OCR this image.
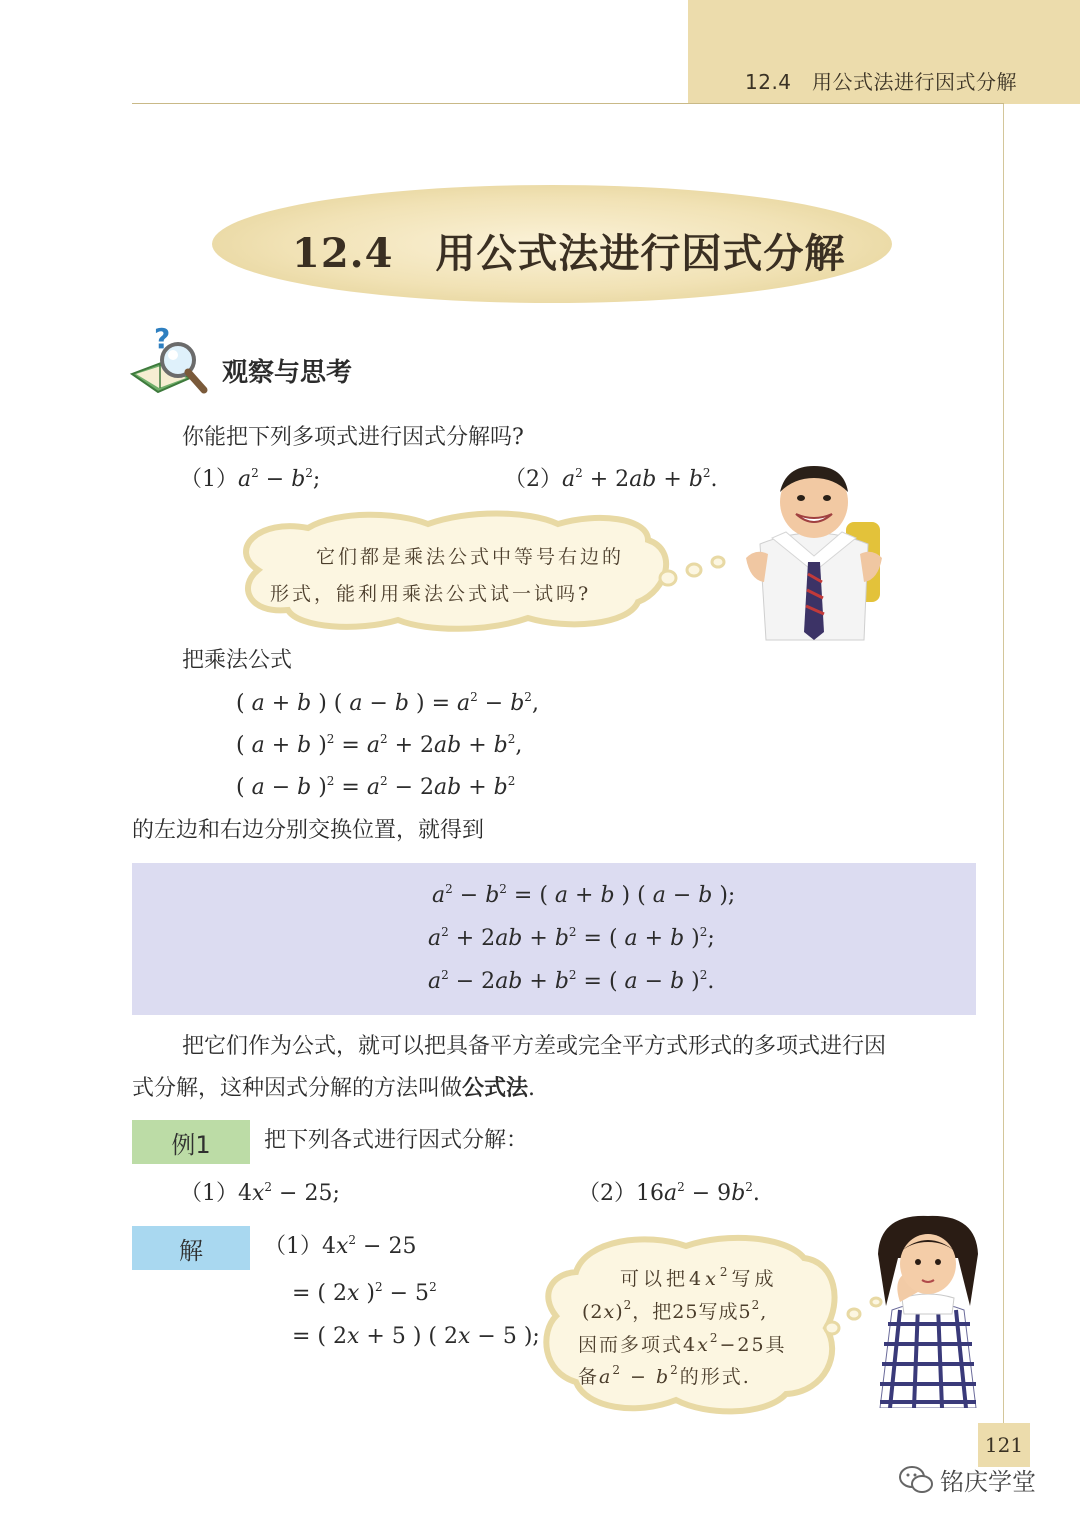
12.4　用公式法进行因式分解
12.4 用公式法进行因式分解
?
观察与思考
你能把下列多项式进行因式分解吗?
$(1)a^2 - b^2$;	$(2)a^2 + 2ab + b^2$.
它们都是乘法公式中等号右边的
形式，能利用乘法公式试一试吗?
把乘法公式
( a + b ) ( a − b ) = $a^2 - b^2$,
( a + b )$^2 = a^2 + 2ab + b^2$,
( a − b )$^2 = a^2 - 2ab + b^2$
的左边和右边分别交换位置，就得到
$a^2 - b^2$ = ( a + b ) ( a − b );
$a^2 + 2ab + b^2$ = ( a + b )$^2$;
$a^2 - 2ab + b^2$ = ( a − b )$^2$.
把它们作为公式，就可以把具备平方差或完全平方式形式的多项式进行因
式分解，这种因式分解的方法叫做公式法.
例1	把下列各式进行因式分解：
$(1)4x^2 - 25$;	$(2)16a^2 - 9b^2$.
解	$(1)4x^2 - 25$
= ( 2x )$^2 - 5^2$
= ( 2x + 5 ) ( 2x − 5 );
可以把$4x^2$写成
$(2x)^2$，把25写成$5^2$,
因而多项式$4x^2-25$具
备$a^2 - b^2$的形式.
121
铭庆学堂
